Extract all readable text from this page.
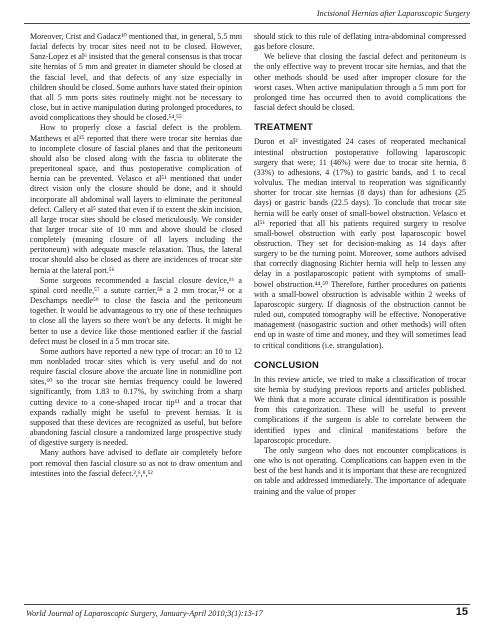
Incisional Hernias after Laparoscopic Surgery

Moreover, Crist and Gadacz¹⁰ mentioned that, in general, 5.5 mm facial defects by trocar sites need not to be closed. However, Sanz-Lopez et al⁶ insisted that the general consensus is that trocar site hernias of 5 mm and greater in diameter should be closed at the fascial level, and that defects of any size especially in children should be closed. Some authors have stated their opinion that all 5 mm ports sites routinely might not be necessary to close, but in active manipulation during prolonged procedures, to avoid complications they should be closed.⁵⁴,⁵⁵

How to properly close a fascial defect is the problem. Matthews et al¹⁵ reported that there were trocar site hernias due to incomplete closure of fascial planes and that the peritoneum should also be closed along with the fascia to obliterate the preperitoneal space, and thus postoperative complication of hernia can be prevented. Velasco et al⁵¹ mentioned that under direct vision only the closure should be done, and it should incorporate all abdominal wall layers to eliminate the peritoneal defect. Callery et al⁵ stated that even if to extent the skin incision, all large trocar sites should be closed meticulously. We consider that larger trocar site of 10 mm and above should be closed completely (meaning closure of all layers including the peritoneum) with adequate muscle relaxation. Thus, the lateral trocar should also be closed as there are incidences of trocar site hernia at the lateral port.⁵⁶

Some surgeons recommended a fascial closure device,¹⁶ a spinal cord needle,⁵⁷ a suture carrier,⁵⁸ a 2 mm trocar,⁵⁴ or a Deschamps needle⁵⁹ to close the fascia and the peritoneum together. It would be advantageous to try one of these techniques to close all the layers so there won't be any defects. It might be better to use a device like those mentioned earlier if the fascial defect must be closed in a 5 mm trocar site.

Some authors have reported a new type of trocar: an 10 to 12 mm nonbladed trocar sites which is very useful and do not require fascial closure above the arcuate line in nonmidline port sites,⁶⁰ so the trocar site hernias frequency could be lowered significantly, from 1.83 to 0.17%, by switching from a sharp cutting device to a cone-shaped trocar tip⁶¹ and a trocar that expands radially might be useful to prevent hernias. It is supposed that these devices are recognized as useful, but before abandoning fascial closure a randomized large prospective study of digestive surgery is needed.

Many authors have advised to deflate air completely before port removal then fascial closure so as not to draw omentum and intestines into the fascial defect.²,⁶,⁸,⁵²

should stick to this rule of deflating intra-abdominal compressed gas before closure.

We believe that closing the fascial defect and peritoneum is the only effective way to prevent trocar site hernias, and that the other methods should be used after improper closure for the worst cases. When active manipulation through a 5 mm port for prolonged time has occurred then to avoid complications the fascial defect should be closed.

TREATMENT

Duron et al² investigated 24 cases of reoperated mechanical intestinal obstruction postoperative following laparoscopic surgery that were; 11 (46%) were due to trocar site hernia, 8 (33%) to adhesions, 4 (17%) to gastric bands, and 1 to cecal volvulus. The median interval to reoperation was significantly shorter for trocar site hernias (8 days) than for adhesions (25 days) or gastric bands (22.5 days). To conclude that trocar site hernia will be early onset of small-bowel obstruction. Velasco et al⁵¹ reported that all his patients required surgery to resolve small-bowel obstruction with early post laparoscopic bowel obstruction. They set for decision-making as 14 days after surgery to be the turning point. Moreover, some authors advised that correctly diagnosing Richter hernia will help to lessen any delay in a postlaparoscopic patient with symptoms of small-bowel obstruction.⁴⁴,⁵⁰ Therefore, further procedures on patients with a small-bowel obstruction is advisable within 2 weeks of laparoscopic surgery. If diagnosis of the obstruction cannot be ruled out, computed tomography will be effective. Nonoperative management (nasogastric suction and other methods) will often end up in waste of time and money, and they will sometimes lead to critical conditions (i.e. strangulation).

CONCLUSION

In this review article, we tried to make a classification of trocar site hernia by studying previous reports and articles published. We think that a more accurate clinical identification is possible from this categorization. These will be useful to prevent complications if the surgeon is able to correlate between the identified types and clinical manifestations before the laparoscopic procedure.

The only surgeon who does not encounter complications is one who is not operating. Complications can happen even in the best of the best hands and it is important that these are recognized on table and addressed immediately. The importance of adequate training and the value of proper

World Journal of Laparoscopic Surgery, January-April 2010;3(1):13-17	15
